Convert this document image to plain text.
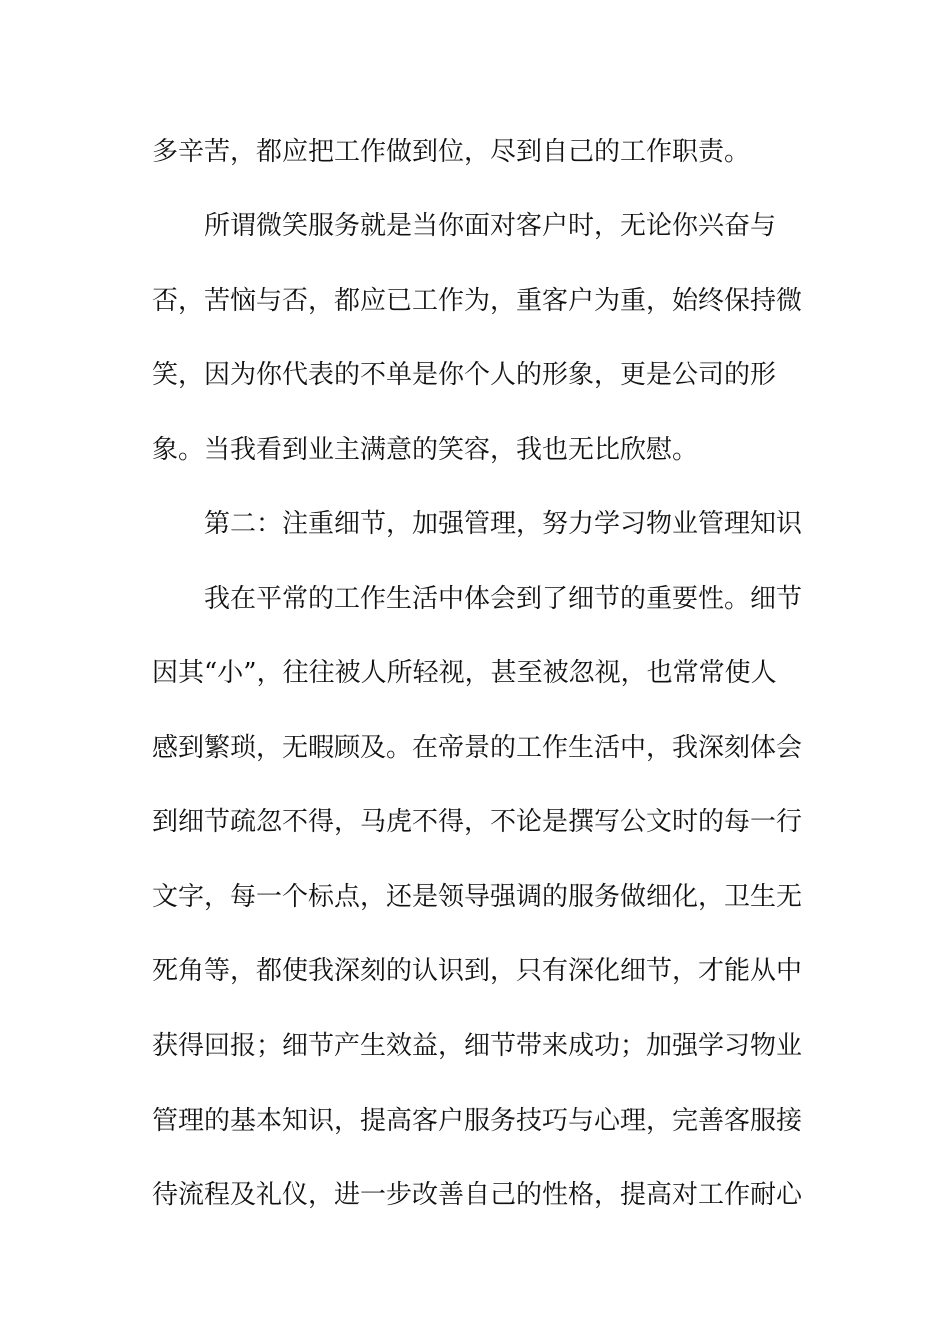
多辛苦，都应把工作做到位，尽到自己的工作职责。
所谓微笑服务就是当你面对客户时，无论你兴奋与
否，苦恼与否，都应已工作为，重客户为重，始终保持微
笑，因为你代表的不单是你个人的形象，更是公司的形
象。当我看到业主满意的笑容，我也无比欣慰。
第二：注重细节，加强管理，努力学习物业管理知识
我在平常的工作生活中体会到了细节的重要性。细节
因其“小”，往往被人所轻视，甚至被忽视，也常常使人
感到繁琐，无暇顾及。在帝景的工作生活中，我深刻体会
到细节疏忽不得，马虎不得，不论是撰写公文时的每一行
文字，每一个标点，还是领导强调的服务做细化，卫生无
死角等，都使我深刻的认识到，只有深化细节，才能从中
获得回报；细节产生效益，细节带来成功；加强学习物业
管理的基本知识，提高客户服务技巧与心理，完善客服接
待流程及礼仪，进一步改善自己的性格，提高对工作耐心
